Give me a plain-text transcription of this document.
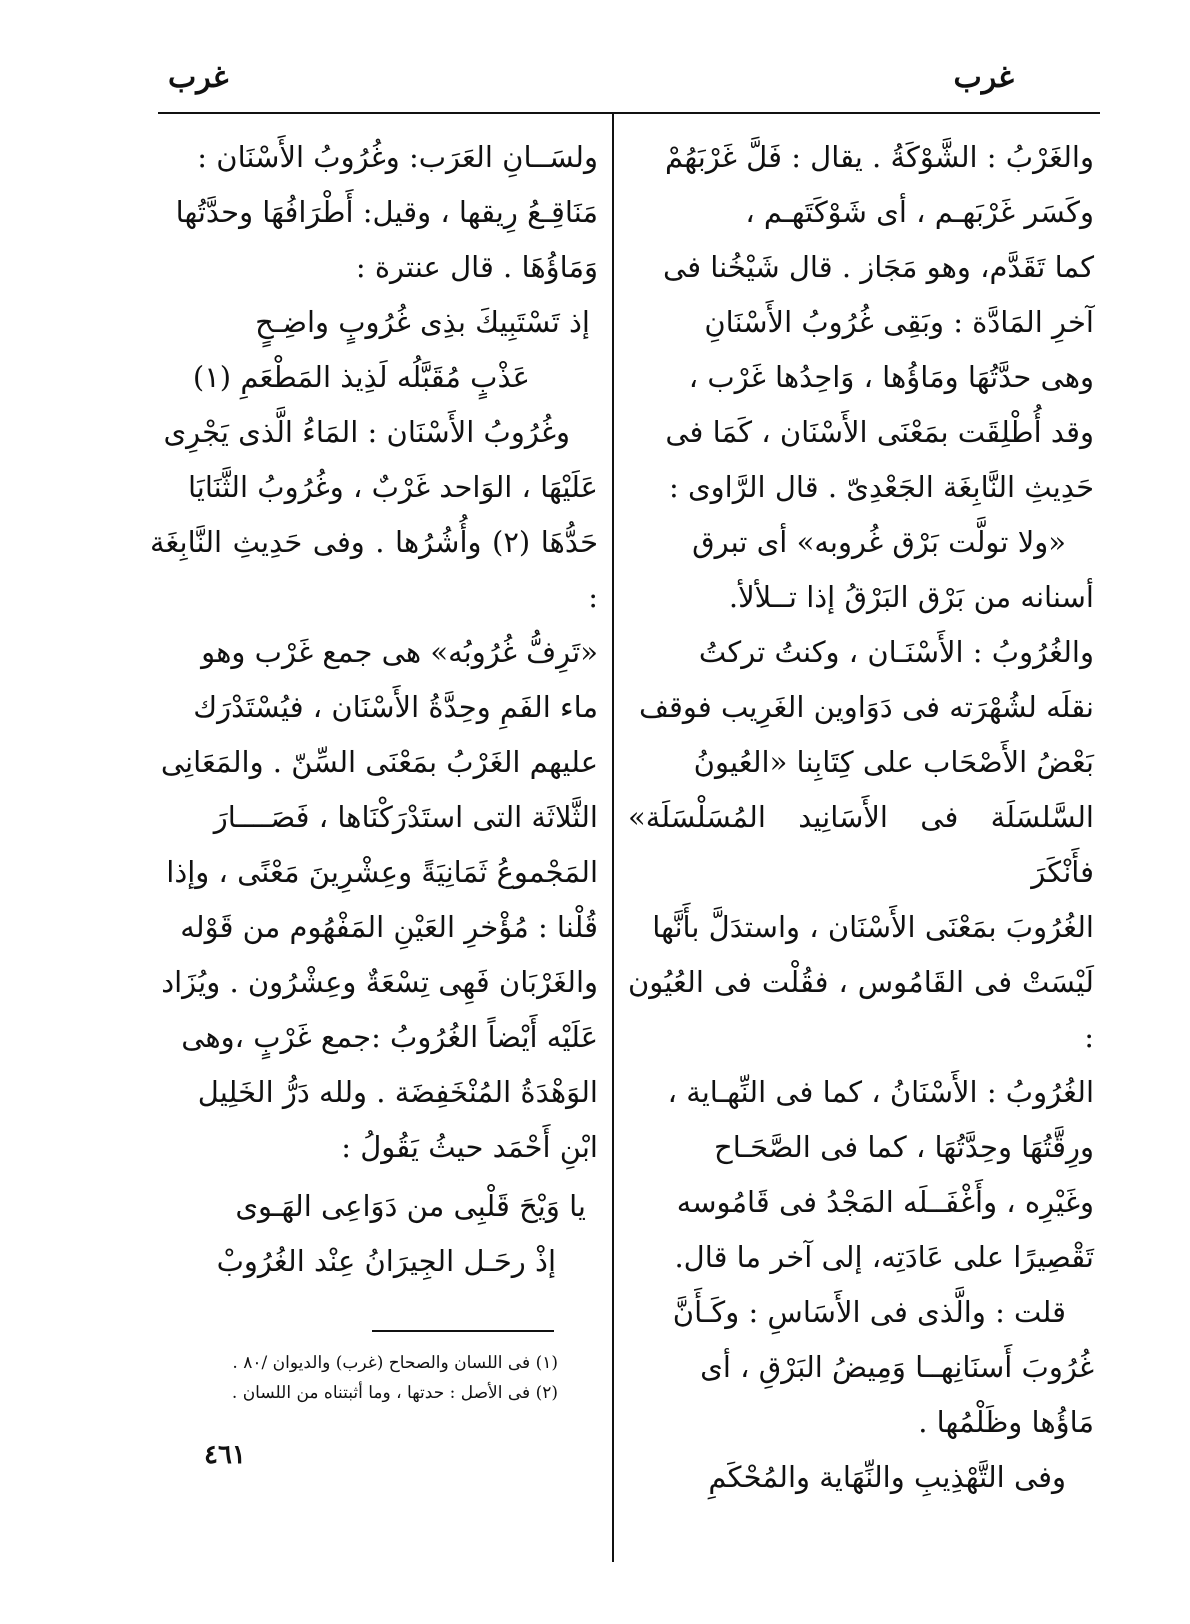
غرب
غرب

والغَرْبُ : الشَّوْكَةُ . يقال : فَلَّ غَرْبَهُمْ

وكَسَر غَرْبَهـم ، أى شَوْكَتَهـم ،

كما تَقَدَّم، وهو مَجَاز . قال شَيْخُنا فى

آخرِ المَادَّة : وبَقِى غُرُوبُ الأَسْنَانِ

وهى حدَّتُهَا ومَاؤُها ، وَاحِدُها غَرْب ،

وقد أُطْلِقَت بمَعْنَى الأَسْنَان ، كَمَا فى

حَدِيثِ النَّابِغَة الجَعْدِىّ . قال الرَّاوى :

«ولا تولَّت بَرْق غُروبه» أى تبرق

أسنانه من بَرْق البَرْقُ إذا تــلألأ.

والغُرُوبُ : الأَسْنَـان ، وكنتُ تركتُ

نقلَه لشُهْرَته فى دَوَاوين الغَرِيب فوقف

بَعْضُ الأَصْحَاب على كِتَابِنا «العُيونُ

السَّلسَلَة فى الأَسَانِيد المُسَلْسَلَة» فأَنْكَرَ

الغُرُوبَ بمَعْنَى الأَسْنَان ، واستدَلَّ بأَنَّها

لَيْسَتْ فى القَامُوس ، فقُلْت فى العُيُون :

الغُرُوبُ : الأَسْنَانُ ، كما فى النِّهـاية ،

ورِقَّتُهَا وحِدَّتُهَا ، كما فى الصَّحَـاح

وغَيْرِه ، وأَغْفَــلَه المَجْدُ فى قَامُوسه

تَقْصِيرًا على عَادَتِه، إلى آخر ما قال.

قلت : والَّذى فى الأَسَاسِ : وكَـأَنَّ

غُرُوبَ أَسنَانِهــا وَمِيضُ البَرْقِ ، أى

مَاؤُها وظَلْمُها .

وفى التَّهْذِيبِ والنِّهَاية والمُحْكَمِ

ولسَــانِ العَرَب: وغُرُوبُ الأَسْنَان :

مَنَاقِـعُ رِيقها ، وقيل: أَطْرَافُهَا وحدَّتُها

وَمَاؤُهَا . قال عنترة :

إذ تَسْتَبِيكَ بذِى غُرُوبٍ واضِـحٍ

عَذْبٍ مُقَبَّلُه لَذِيذ المَطْعَمِ (١)

وغُرُوبُ الأَسْنَان : المَاءُ الَّذى يَجْرِى

عَلَيْهَا ، الوَاحد غَرْبٌ ، وغُرُوبُ الثَّنَايَا

حَدُّهَا (٢) وأُشُرُها . وفى حَدِيثِ النَّابِغَة :

«تَرِفُّ غُرُوبُه» هى جمع غَرْب وهو

ماء الفَمِ وحِدَّةُ الأَسْنَان ، فيُسْتَدْرَك

عليهم الغَرْبُ بمَعْنَى السِّنّ . والمَعَانِى

الثَّلاثَة التى استَدْرَكْنَاها ، فَصَــــارَ

المَجْموعُ ثَمَانِيَةً وعِشْرِينَ مَعْنًى ، وإذا

قُلْنا : مُؤْخرِ العَيْنِ المَفْهُوم من قَوْله

والغَرْبَان فَهِى تِسْعَةٌ وعِشْرُون . ويُزَاد

عَلَيْه أَيْضاً الغُرُوبُ :جمع غَرْبٍ ،وهى

الوَهْدَةُ المُنْخَفِضَة . ولله دَرُّ الخَلِيل

ابْنِ أَحْمَد حيثُ يَقُولُ :

يا وَيْحَ قَلْبِى من دَوَاعِى الهَـوى

إذْ رحَـل الجِيرَانُ عِنْد الغُرُوبْ

(١) فى اللسان والصحاح (غرب) والديوان /٨٠ .
(٢) فى الأصل : حدتها ، وما أثبتناه من اللسان .
٤٦١
